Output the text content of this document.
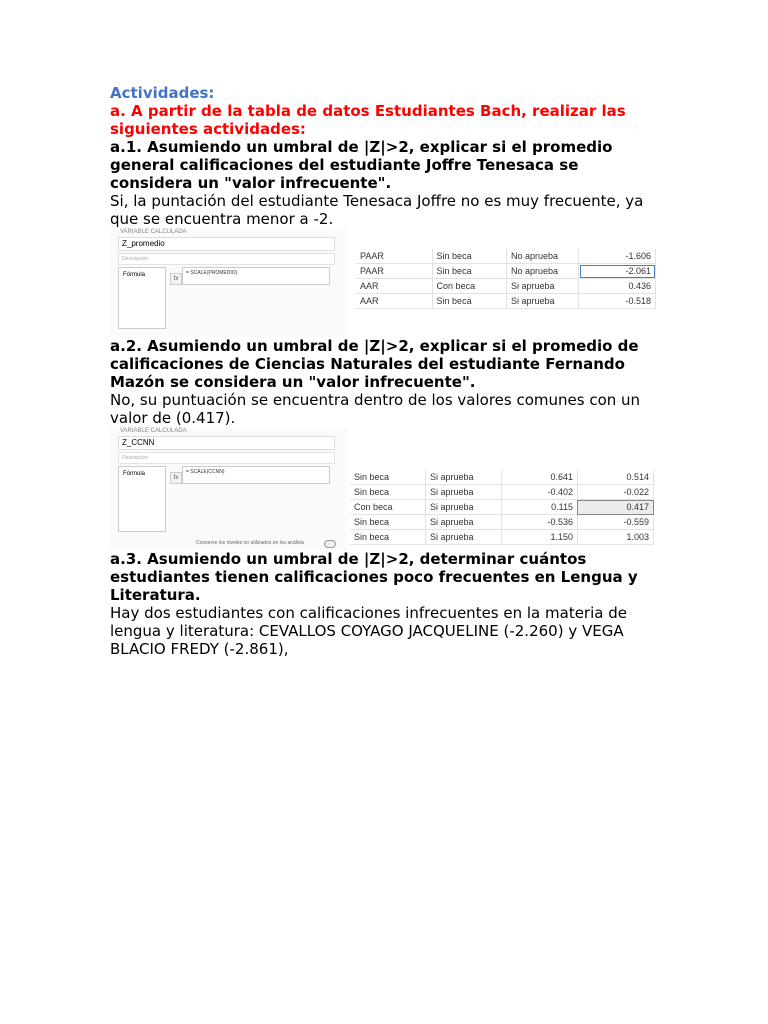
Actividades:

a. A partir de la tabla de datos Estudiantes Bach, realizar las siguientes actividades:

a.1. Asumiendo un umbral de |Z|>2, explicar si el promedio general calificaciones del estudiante Joffre Tenesaca se considera un "valor infrecuente".

Si, la puntación del estudiante Tenesaca Joffre no es muy frecuente, ya que se encuentra menor a -2.

VARIABLE CALCULADA
Z_promedio
Descripción
Fórmula
fx
= SCALE(PROMEDIO)
PAAR	Sin beca	No aprueba	-1.606
PAAR	Sin beca	No aprueba	-2.061
AAR	Con beca	Si aprueba	0.436
AAR	Sin beca	Si aprueba	-0.518

a.2. Asumiendo un umbral de |Z|>2, explicar si el promedio de calificaciones de Ciencias Naturales del estudiante Fernando Mazón se considera un "valor infrecuente".

No, su puntuación se encuentra dentro de los valores comunes con un valor de (0.417).

VARIABLE CALCULADA
Z_CCNN
Descripción
Fórmula
fx
= SCALE(CCNN)
Conserve los niveles no utilizados en los análisis
Sin beca	Si aprueba	0.641	0.514
Sin beca	Si aprueba	-0.402	-0.022
Con beca	Si aprueba	0.115	0.417
Sin beca	Si aprueba	-0.536	-0.559
Sin beca	Si aprueba	1.150	1.003

a.3. Asumiendo un umbral de |Z|>2, determinar cuántos estudiantes tienen calificaciones poco frecuentes en Lengua y Literatura.

Hay dos estudiantes con calificaciones infrecuentes en la materia de lengua y literatura: CEVALLOS COYAGO JACQUELINE (-2.260) y VEGA BLACIO FREDY (-2.861),
